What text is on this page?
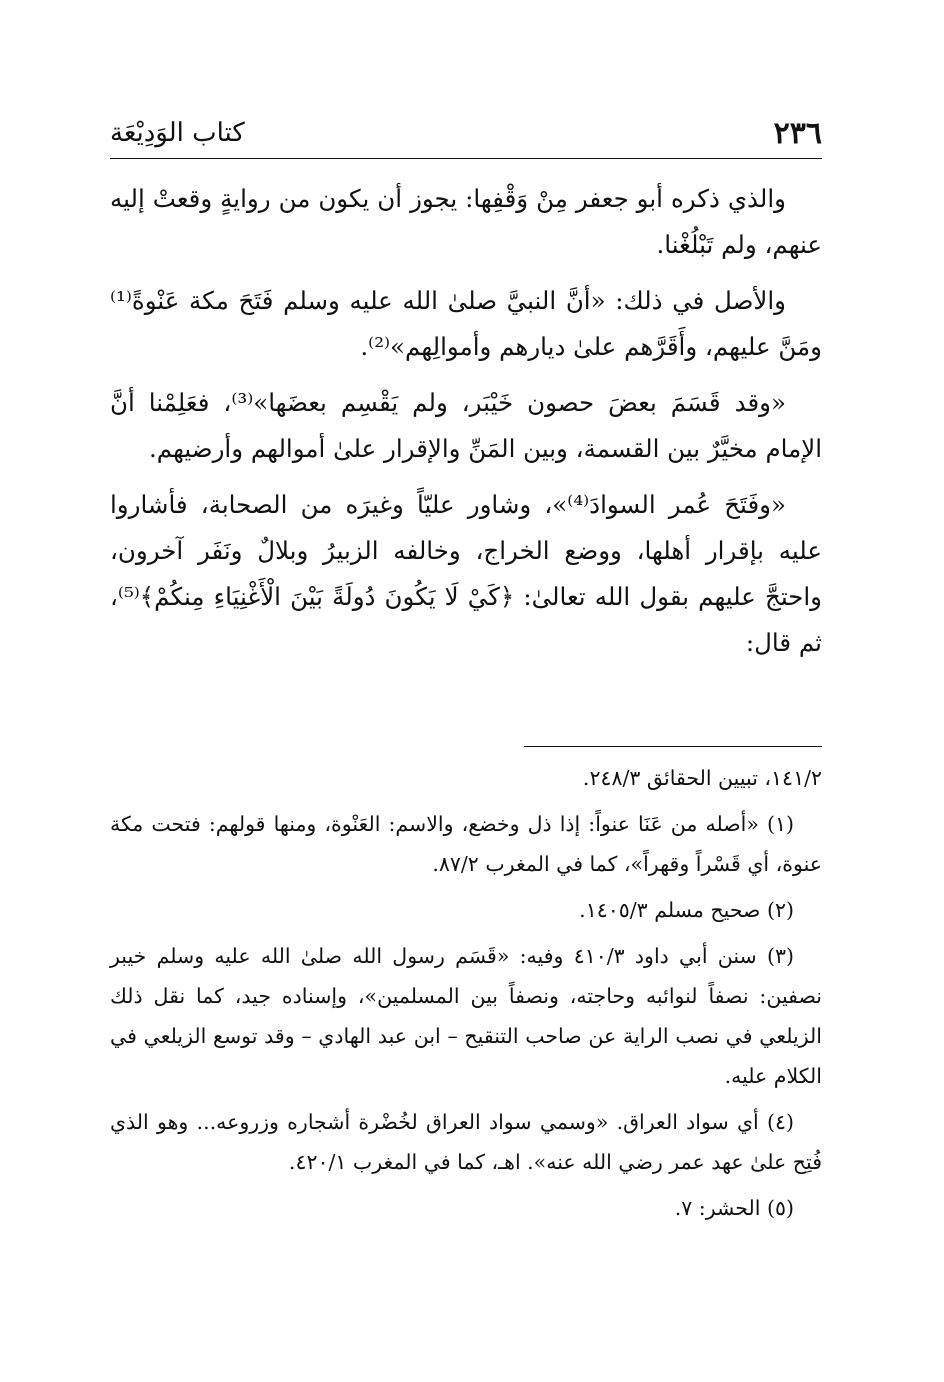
٢٣٦
كتاب الوَدِيْعَة

والذي ذكره أبو جعفر مِنْ وَقْفِها: يجوز أن يكون من روايةٍ وقعتْ إليه عنهم، ولم تَبْلُغْنا.

والأصل في ذلك: «أنَّ النبيَّ صلىٰ الله عليه وسلم فَتَحَ مكة عَنْوةً⁽¹⁾ ومَنَّ عليهم، وأَقَرَّهم علىٰ ديارهم وأموالِهم»⁽²⁾.

«وقد قَسَمَ بعضَ حصون خَيْبَر، ولم يَقْسِم بعضَها»⁽³⁾، فعَلِمْنا أنَّ الإمام مخيَّرٌ بين القسمة، وبين المَنِّ والإقرار علىٰ أموالهم وأرضيهم.

«وفَتَحَ عُمر السوادَ⁽⁴⁾»، وشاور عليّاً وغيرَه من الصحابة، فأشاروا عليه بإقرار أهلها، ووضع الخراج، وخالفه الزبيرُ وبلالٌ ونَفَر آخرون، واحتجَّ عليهم بقول الله تعالىٰ: ﴿كَيْ لَا يَكُونَ دُولَةً بَيْنَ الْأَغْنِيَاءِ مِنكُمْ﴾⁽⁵⁾، ثم قال:

١٤١/٢، تبيين الحقائق ٢٤٨/٣.

(١) «أصله من عَنَا عنواً: إذا ذل وخضع، والاسم: العَنْوة، ومنها قولهم: فتحت مكة عنوة، أي قَسْراً وقهراً»، كما في المغرب ٨٧/٢.

(٢) صحيح مسلم ١٤٠٥/٣.

(٣) سنن أبي داود ٤١٠/٣ وفيه: «قَسَم رسول الله صلىٰ الله عليه وسلم خيبر نصفين: نصفاً لنوائبه وحاجته، ونصفاً بين المسلمين»، وإسناده جيد، كما نقل ذلك الزيلعي في نصب الراية عن صاحب التنقيح – ابن عبد الهادي – وقد توسع الزيلعي في الكلام عليه.

(٤) أي سواد العراق. «وسمي سواد العراق لخُضْرة أشجاره وزروعه... وهو الذي فُتِح علىٰ عهد عمر رضي الله عنه». اهـ، كما في المغرب ٤٢٠/١.

(٥) الحشر: ٧.
